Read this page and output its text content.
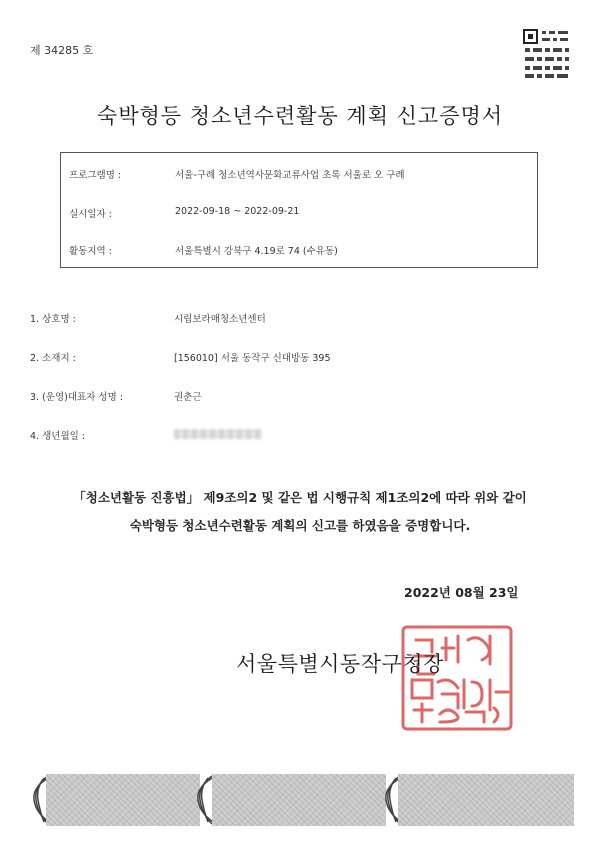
제 34285 호
숙박형등 청소년수련활동 계획 신고증명서
프로그램명 :	서울-구례 청소년역사문화교류사업 초록 서울로 오 구례
실시일자 :	2022-09-18 ~ 2022-09-21
활동지역 :	서울특별시 강북구 4.19로 74 (수유동)
1. 상호명 :	시립보라매청소년센터
2. 소재지 :	[156010] 서울 동작구 신대방동 395
3. (운영)대표자 성명 :	권춘근
4. 생년월일 :
「청소년활동 진흥법」 제9조의2 및 같은 법 시행규칙 제1조의2에 따라 위와 같이
숙박형등 청소년수련활동 계획의 신고를 하였음을 증명합니다.
2022년 08월 23일
서울특별시동작구청장
